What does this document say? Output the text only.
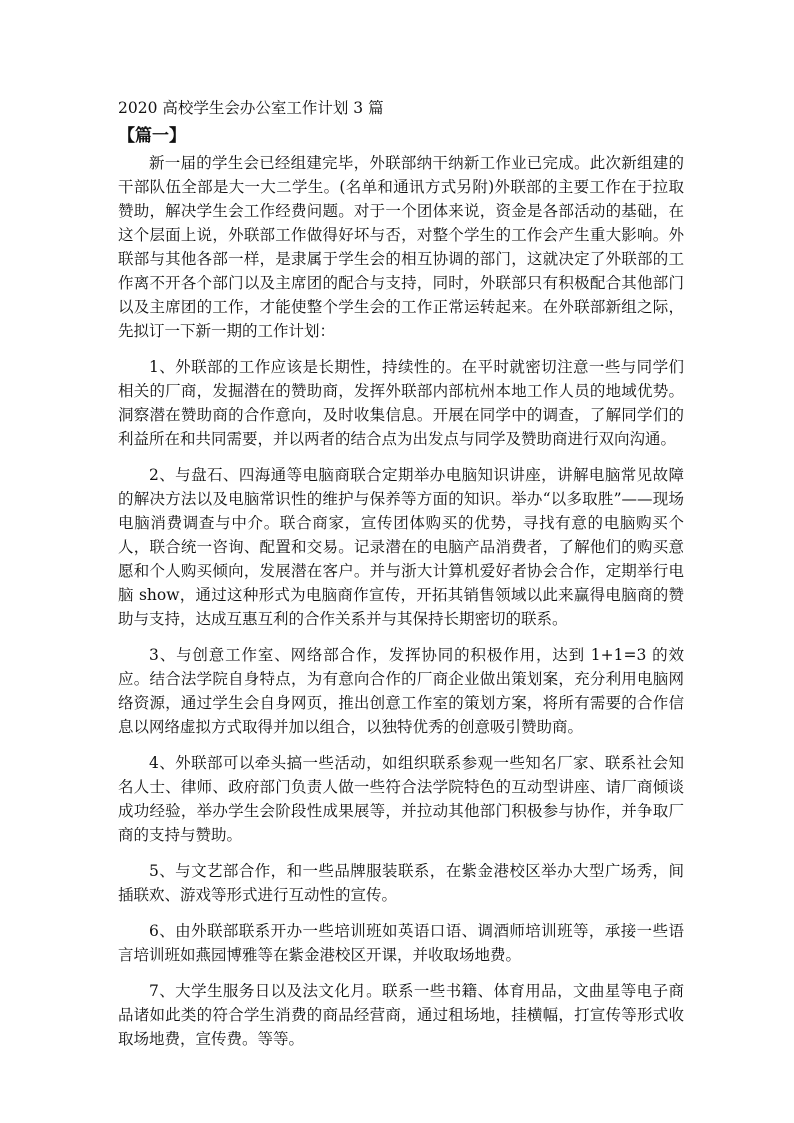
2020 高校学生会办公室工作计划 3 篇
【篇一】

新一届的学生会已经组建完毕，外联部纳干纳新工作业已完成。此次新组建的干部队伍全部是大一大二学生。(名单和通讯方式另附)外联部的主要工作在于拉取赞助，解决学生会工作经费问题。对于一个团体来说，资金是各部活动的基础，在这个层面上说，外联部工作做得好坏与否，对整个学生的工作会产生重大影响。外联部与其他各部一样，是隶属于学生会的相互协调的部门，这就决定了外联部的工作离不开各个部门以及主席团的配合与支持，同时，外联部只有积极配合其他部门以及主席团的工作，才能使整个学生会的工作正常运转起来。在外联部新组之际，先拟订一下新一期的工作计划：

1、外联部的工作应该是长期性，持续性的。在平时就密切注意一些与同学们相关的厂商，发掘潜在的赞助商，发挥外联部内部杭州本地工作人员的地域优势。洞察潜在赞助商的合作意向，及时收集信息。开展在同学中的调查，了解同学们的利益所在和共同需要，并以两者的结合点为出发点与同学及赞助商进行双向沟通。

2、与盘石、四海通等电脑商联合定期举办电脑知识讲座，讲解电脑常见故障的解决方法以及电脑常识性的维护与保养等方面的知识。举办“以多取胜”——现场电脑消费调查与中介。联合商家，宣传团体购买的优势，寻找有意的电脑购买个人，联合统一咨询、配置和交易。记录潜在的电脑产品消费者，了解他们的购买意愿和个人购买倾向，发展潜在客户。并与浙大计算机爱好者协会合作，定期举行电脑 show，通过这种形式为电脑商作宣传，开拓其销售领域以此来赢得电脑商的赞助与支持，达成互惠互利的合作关系并与其保持长期密切的联系。

3、与创意工作室、网络部合作，发挥协同的积极作用，达到 1+1=3 的效应。结合法学院自身特点，为有意向合作的厂商企业做出策划案，充分利用电脑网络资源，通过学生会自身网页，推出创意工作室的策划方案，将所有需要的合作信息以网络虚拟方式取得并加以组合，以独特优秀的创意吸引赞助商。

4、外联部可以牵头搞一些活动，如组织联系参观一些知名厂家、联系社会知名人士、律师、政府部门负责人做一些符合法学院特色的互动型讲座、请厂商倾谈成功经验，举办学生会阶段性成果展等，并拉动其他部门积极参与协作，并争取厂商的支持与赞助。

5、与文艺部合作，和一些品牌服装联系，在紫金港校区举办大型广场秀，间插联欢、游戏等形式进行互动性的宣传。

6、由外联部联系开办一些培训班如英语口语、调酒师培训班等，承接一些语言培训班如燕园博雅等在紫金港校区开课，并收取场地费。

7、大学生服务日以及法文化月。联系一些书籍、体育用品，文曲星等电子商品诸如此类的符合学生消费的商品经营商，通过租场地，挂横幅，打宣传等形式收取场地费，宣传费。等等。
